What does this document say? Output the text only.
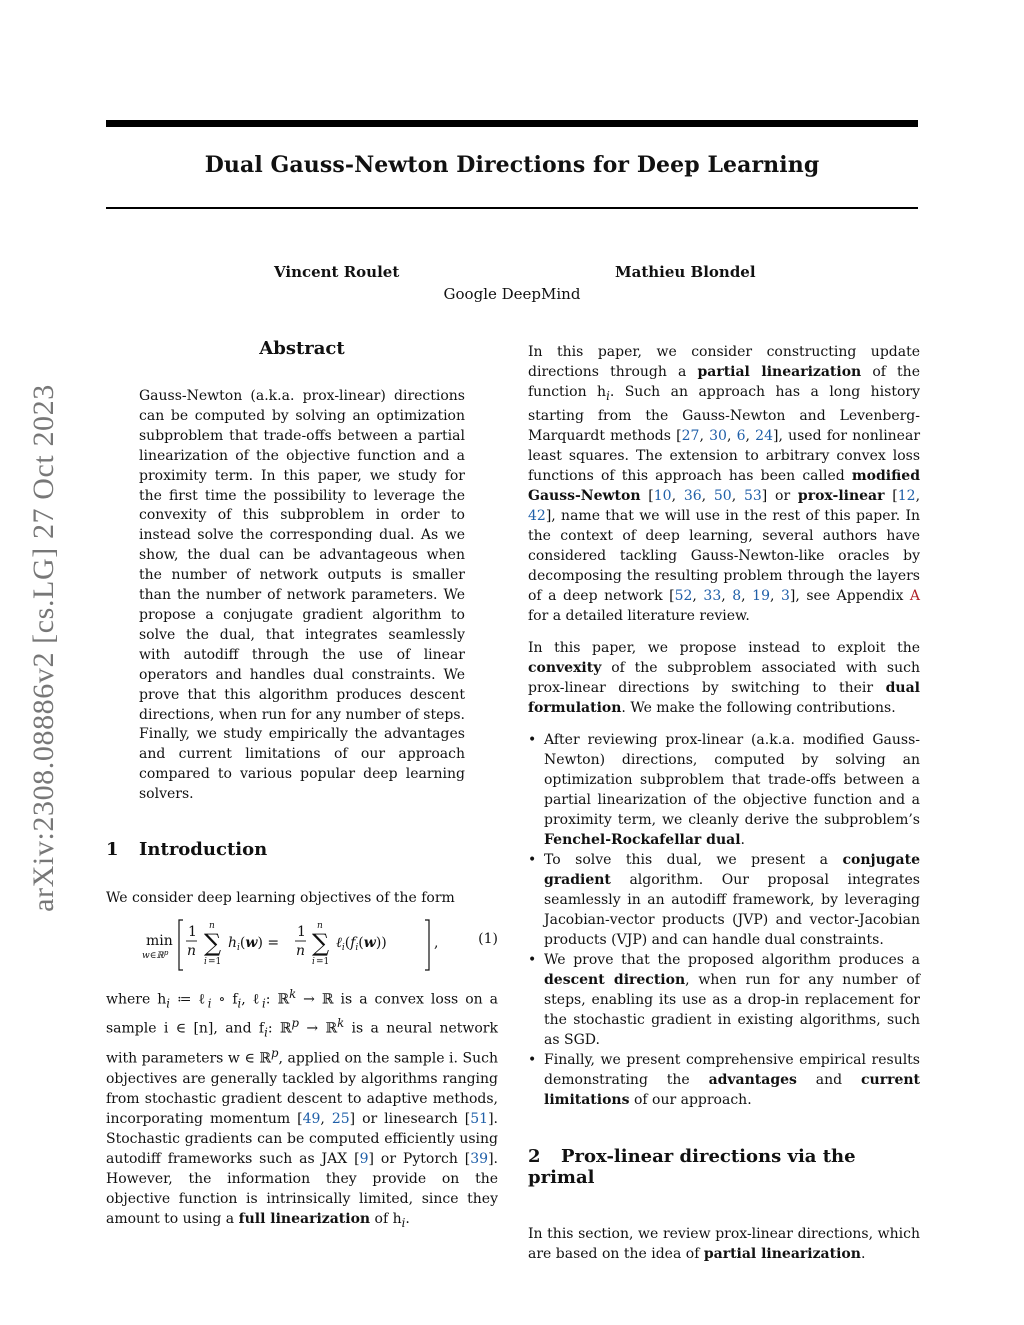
Dual Gauss-Newton Directions for Deep Learning
Vincent Roulet	Mathieu Blondel
Google DeepMind
arXiv:2308.08886v2 [cs.LG] 27 Oct 2023
Abstract

Gauss-Newton (a.k.a. prox-linear) directions can be computed by solving an optimization subproblem that trade-offs between a partial linearization of the objective function and a proximity term. In this paper, we study for the first time the possibility to leverage the convexity of this subproblem in order to instead solve the corresponding dual. As we show, the dual can be advantageous when the number of network outputs is smaller than the number of network parameters. We propose a conjugate gradient algorithm to solve the dual, that integrates seamlessly with autodiff through the use of linear operators and handles dual constraints. We prove that this algorithm produces descent directions, when run for any number of steps. Finally, we study empirically the advantages and current limitations of our approach compared to various popular deep learning solvers.

1 Introduction

We consider deep learning objectives of the form

min
w∈ℝ$^p$
1
n ∑
n
i =1
$h_i(w)$ =
1
n ∑
n
i =1
$\ell_i(f_i(w))$	,	(1)

where $h_i$ ≔ ℓ$_i$ ∘ $f_i$, ℓ$_i$: ℝ$^k$ → ℝ is a convex loss on a sample i ∈ [n], and $f_i$: ℝ$^p$ → ℝ$^k$ is a neural network with parameters w ∈ ℝ$^p$, applied on the sample i. Such objectives are generally tackled by algorithms ranging from stochastic gradient descent to adaptive methods, incorporating momentum [49, 25] or linesearch [51]. Stochastic gradients can be computed efficiently using autodiff frameworks such as JAX [9] or Pytorch [39]. However, the information they provide on the objective function is intrinsically limited, since they amount to using a full linearization of $h_i$.

In this paper, we consider constructing update directions through a partial linearization of the function $h_i$. Such an approach has a long history starting from the Gauss-Newton and Levenberg-Marquardt methods [27, 30, 6, 24], used for nonlinear least squares. The extension to arbitrary convex loss functions of this approach has been called modified Gauss-Newton [10, 36, 50, 53] or prox-linear [12, 42], name that we will use in the rest of this paper. In the context of deep learning, several authors have considered tackling Gauss-Newton-like oracles by decomposing the resulting problem through the layers of a deep network [52, 33, 8, 19, 3], see Appendix A for a detailed literature review.

In this paper, we propose instead to exploit the convexity of the subproblem associated with such prox-linear directions by switching to their dual formulation. We make the following contributions.

• After reviewing prox-linear (a.k.a. modified Gauss-Newton) directions, computed by solving an optimization subproblem that trade-offs between a partial linearization of the objective function and a proximity term, we cleanly derive the subproblem’s Fenchel-Rockafellar dual.
• To solve this dual, we present a conjugate gradient algorithm. Our proposal integrates seamlessly in an autodiff framework, by leveraging Jacobian-vector products (JVP) and vector-Jacobian products (VJP) and can handle dual constraints.
• We prove that the proposed algorithm produces a descent direction, when run for any number of steps, enabling its use as a drop-in replacement for the stochastic gradient in existing algorithms, such as SGD.
• Finally, we present comprehensive empirical results demonstrating the advantages and current limitations of our approach.
2 Prox-linear directions via the primal

In this section, we review prox-linear directions, which are based on the idea of partial linearization.
